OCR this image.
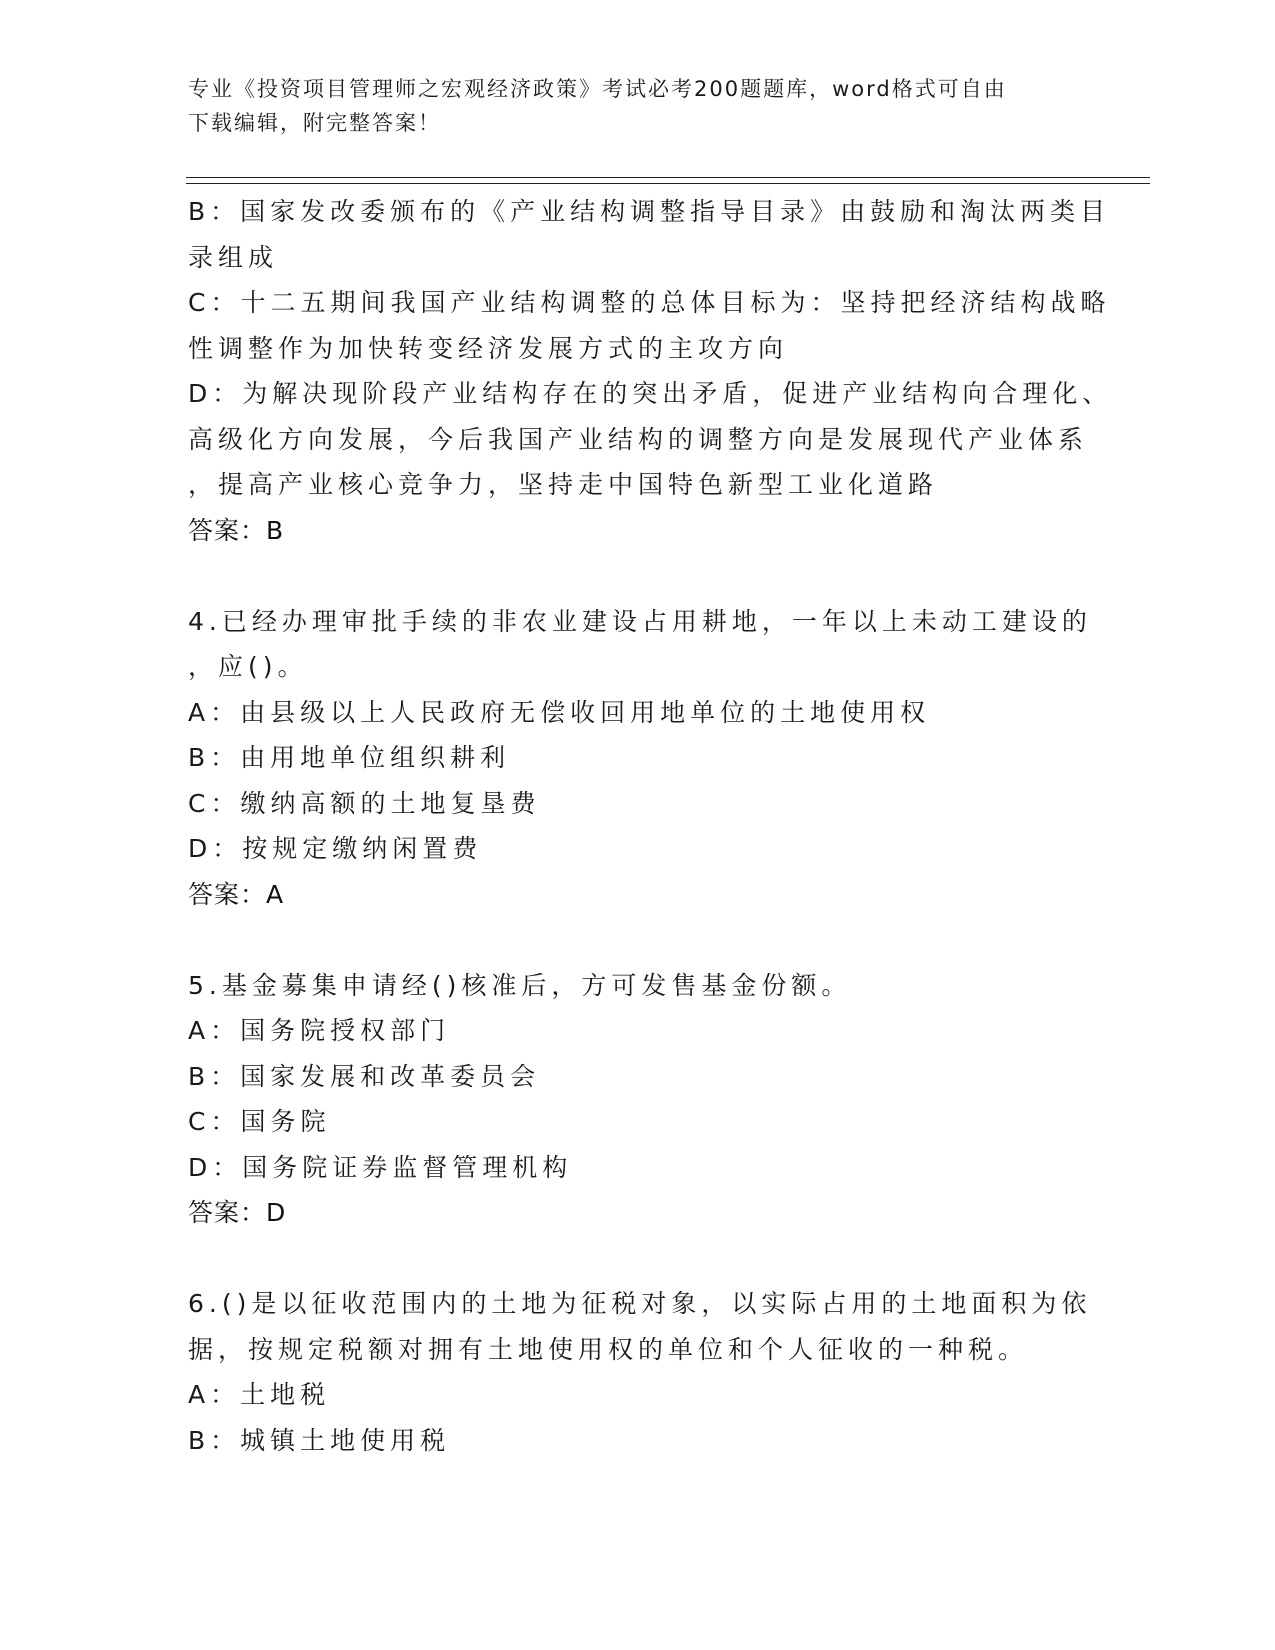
专业《投资项目管理师之宏观经济政策》考试必考200题题库，word格式可自由
下载编辑，附完整答案！
B：国家发改委颁布的《产业结构调整指导目录》由鼓励和淘汰两类目
录组成
C：十二五期间我国产业结构调整的总体目标为：坚持把经济结构战略
性调整作为加快转变经济发展方式的主攻方向
D：为解决现阶段产业结构存在的突出矛盾，促进产业结构向合理化、
高级化方向发展，今后我国产业结构的调整方向是发展现代产业体系
，提高产业核心竞争力，坚持走中国特色新型工业化道路
答案：B
4.已经办理审批手续的非农业建设占用耕地，一年以上未动工建设的
，应()。
A：由县级以上人民政府无偿收回用地单位的土地使用权
B：由用地单位组织耕利
C：缴纳高额的土地复垦费
D：按规定缴纳闲置费
答案：A
5.基金募集申请经()核准后，方可发售基金份额。
A：国务院授权部门
B：国家发展和改革委员会
C：国务院
D：国务院证券监督管理机构
答案：D
6.()是以征收范围内的土地为征税对象，以实际占用的土地面积为依
据，按规定税额对拥有土地使用权的单位和个人征收的一种税。
A：土地税
B：城镇土地使用税
